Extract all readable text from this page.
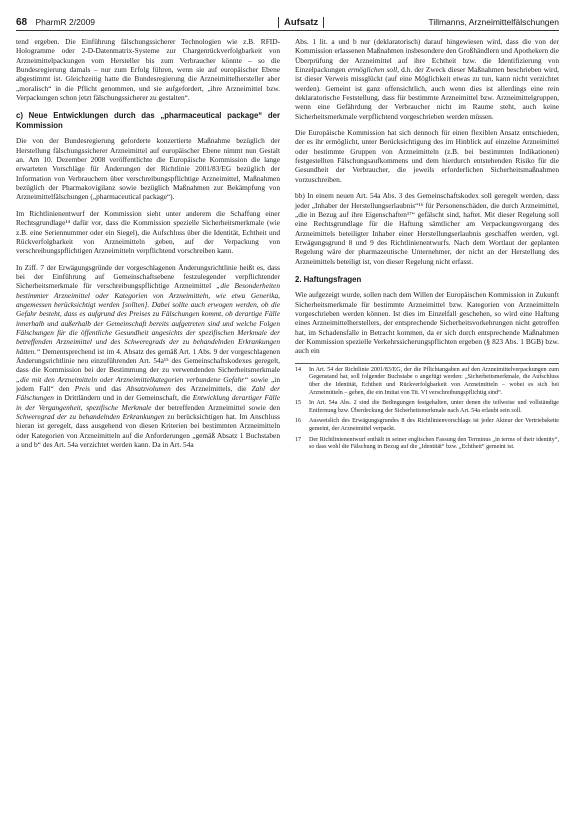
68 PharmR 2/2009	Aufsatz	Tillmanns, Arzneimittelfälschungen

tend ergeben. Die Einführung fälschungssicherer Technologien wie z.B. RFID-Hologramme oder 2-D-Datenmatrix-Systeme zur Chargenrückverfolgbarkeit von Arzneimittelpackungen vom Hersteller bis zum Verbraucher könnte – so die Bundesregierung damals – nur zum Erfolg führen, wenn sie auf europäischer Ebene abgestimmt ist. Gleichzeitig hatte die Bundesregierung die Arzneimittelhersteller aber „moralisch“ in die Pflicht genommen, und sie aufgefordert, „ihre Arzneimittel bzw. Verpackungen schon jetzt fälschungssicherer zu gestalten“.

c) Neue Entwicklungen durch das „pharmaceutical package“ der Kommission

Die von der Bundesregierung geforderte konzertierte Maßnahme bezüglich der Herstellung fälschungssicherer Arzneimittel auf europäischer Ebene nimmt nun Gestalt an. Am 10. Dezember 2008 veröffentlichte die Europäische Kommission die lange erwarteten Vorschläge für Änderungen der Richtlinie 2001/83/EG bezüglich der Information von Verbrauchern über verschreibungspflichtige Arzneimittel, Maßnahmen bezüglich der Pharmakovigilanz sowie bezüglich Maßnahmen zur Bekämpfung von Arzneimittelfälschungen („pharmaceutical package“).

Im Richtlinienentwurf der Kommission sieht unter anderem die Schaffung einer Rechtsgrundlage¹⁴ dafür vor, dass die Kommission spezielle Sicherheitsmerkmale (wie z.B. eine Seriennummer oder ein Siegel), die Aufschluss über die Identität, Echtheit und Rückverfolgbarkeit von Arzneimitteln geben, auf der Verpackung von verschreibungspflichtigen Arzneimitteln verpflichtend vorschreiben kann.

In Ziff. 7 der Erwägungsgründe der vorgeschlagenen Änderungsrichtlinie heißt es, dass bei der Einführung auf Gemeinschaftsebene festzulegender verpflichtender Sicherheitsmerkmale für verschreibungspflichtige Arzneimittel „die Besonderheiten bestimmter Arzneimittel oder Kategorien von Arzneimitteln, wie etwa Generika, angemessen berücksichtigt werden [sollten]. Dabei sollte auch erwogen werden, ob die Gefahr besteht, dass es aufgrund des Preises zu Fälschungen kommt, ob derartige Fälle innerhalb und außerhalb der Gemeinschaft bereits aufgetreten sind und welche Folgen Fälschungen für die öffentliche Gesundheit angesichts der spezifischen Merkmale der betreffenden Arzneimittel und des Schweregrads der zu behandelnden Erkrankungen hätten.“ Dementsprechend ist im 4. Absatz des gemäß Art. 1 Abs. 9 der vorgeschlagenen Änderungsrichtlinie neu einzuführenden Art. 54a¹⁵ des Gemeinschaftskodexes geregelt, dass die Kommission bei der Bestimmung der zu verwendenden Sicherheitsmerkmale „die mit den Arzneimitteln oder Arzneimittelkategorien verbundene Gefahr“ sowie „in jedem Fall“ den Preis und das Absatzvolumen des Arzneimittels, die Zahl der Fälschungen in Drittländern und in der Gemeinschaft, die Entwicklung derartiger Fälle in der Vergangenheit, spezifische Merkmale der betreffenden Arzneimittel sowie den Schweregrad der zu behandelnden Erkrankungen zu berücksichtigen hat. Im Anschluss hieran ist geregelt, dass ausgehend von diesen Kriterien bei bestimmten Arzneimitteln oder Kategorien von Arzneimitteln auf die Anforderungen „gemäß Absatz 1 Buchstaben a und b“ des Art. 54a verzichtet werden kann. Da in Art. 54a

Abs. 1 lit. a und b nur (deklaratorisch) darauf hingewiesen wird, dass die von der Kommission erlassenen Maßnahmen insbesondere den Großhändlern und Apothekern die Überprüfung der Arzneimittel auf ihre Echtheit bzw. die Identifizierung von Einzelpackungen ermöglichen soll, d.h. der Zweck dieser Maßnahmen beschrieben wird, ist dieser Verweis missglückt (auf eine Möglichkeit etwas zu tun, kann nicht verzichtet werden). Gemeint ist ganz offensichtlich, auch wenn dies ist allerdings eine rein deklaratorische Feststellung, dass für bestimmte Arzneimittel bzw. Arzneimittelgruppen, wenn eine Gefährdung der Verbraucher nicht im Raume steht, auch keine Sicherheitsmerkmale verpflichtend vorgeschrieben werden müssen.

Die Europäische Kommission hat sich dennoch für einen flexiblen Ansatz entschieden, der es ihr ermöglicht, unter Berücksichtigung des im Hinblick auf einzelne Arzneimittel oder bestimmte Gruppen von Arzneimitteln (z.B. bei bestimmten Indikationen) festgestellten Fälschungsaufkommens und dem hierdurch entstehenden Risiko für die Gesundheit der Verbraucher, die jeweils erforderlichen Sicherheitsmaßnahmen vorzuschreiben.

bb) In einem neuen Art. 54a Abs. 3 des Gemeinschaftskodex soll geregelt werden, dass jeder „Inhaber der Herstellungserlaubnis“¹⁶ für Personenschäden, die durch Arzneimittel, „die in Bezug auf ihre Eigenschaften¹⁷“ gefälscht sind, haftet. Mit dieser Regelung soll eine Rechtsgrundlage für die Haftung sämtlicher am Verpackungsvorgang des Arzneimittels beteiligter Inhaber einer Herstellungserlaubnis geschaffen werden, vgl. Erwägungsgrund 8 und 9 des Richtlinienentwurfs. Nach dem Wortlaut der geplanten Regelung wäre der pharmazeutische Unternehmer, der nicht an der Herstellung des Arzneimittels beteiligt ist, von dieser Regelung nicht erfasst.

2. Haftungsfragen

Wie aufgezeigt wurde, sollen nach dem Willen der Europäischen Kommission in Zukunft Sicherheitsmerkmale für bestimmte Arzneimittel bzw. Kategorien von Arzneimitteln vorgeschrieben werden können. Ist dies im Einzelfall geschehen, so wird eine Haftung eines Arzneimittelherstellers, der entsprechende Sicherheitsvorkehrungen nicht getroffen hat, im Schadensfalle in Betracht kommen, da er sich durch entsprechende Maßnahmen der Kommission spezielle Verkehrssicherungspflichten ergeben (§ 823 Abs. 1 BGB) bzw. auch ein

14	In Art. 54 der Richtlinie 2001/83/EG, der die Pflichtangaben auf den Arzneimittelverpackungen zum Gegenstand hat, soll folgender Buchstabe o angefügt werden: „Sicherheitsmerkmale, die Aufschluss über die Identität, Echtheit und Rückverfolgbarkeit von Arzneimitteln – wobei es sich bei Arzneimitteln – geben, die ein Imitat von Tit. VI verschreibungspflichtig sind“.
15	In Art. 54a Abs. 2 sind die Bedingungen festgehalten, unter denen die teilweise und vollständige Entfernung bzw. Überdeckung der Sicherheitsmerkmale nach Art. 54a erlaubt sein soll.
16	Ausweislich des Erwägungsgrundes 8 des Richtlinienvorschlags ist jeder Akteur der Vertriebskette gemeint, der Arzneimittel verpackt.
17	Der Richtlinienentwurf enthält in seiner englischen Fassung den Terminus „in terms of their identity“, so dass wohl die Fälschung in Bezug auf die „Identität“ bzw. „Echtheit“ gemeint ist.
